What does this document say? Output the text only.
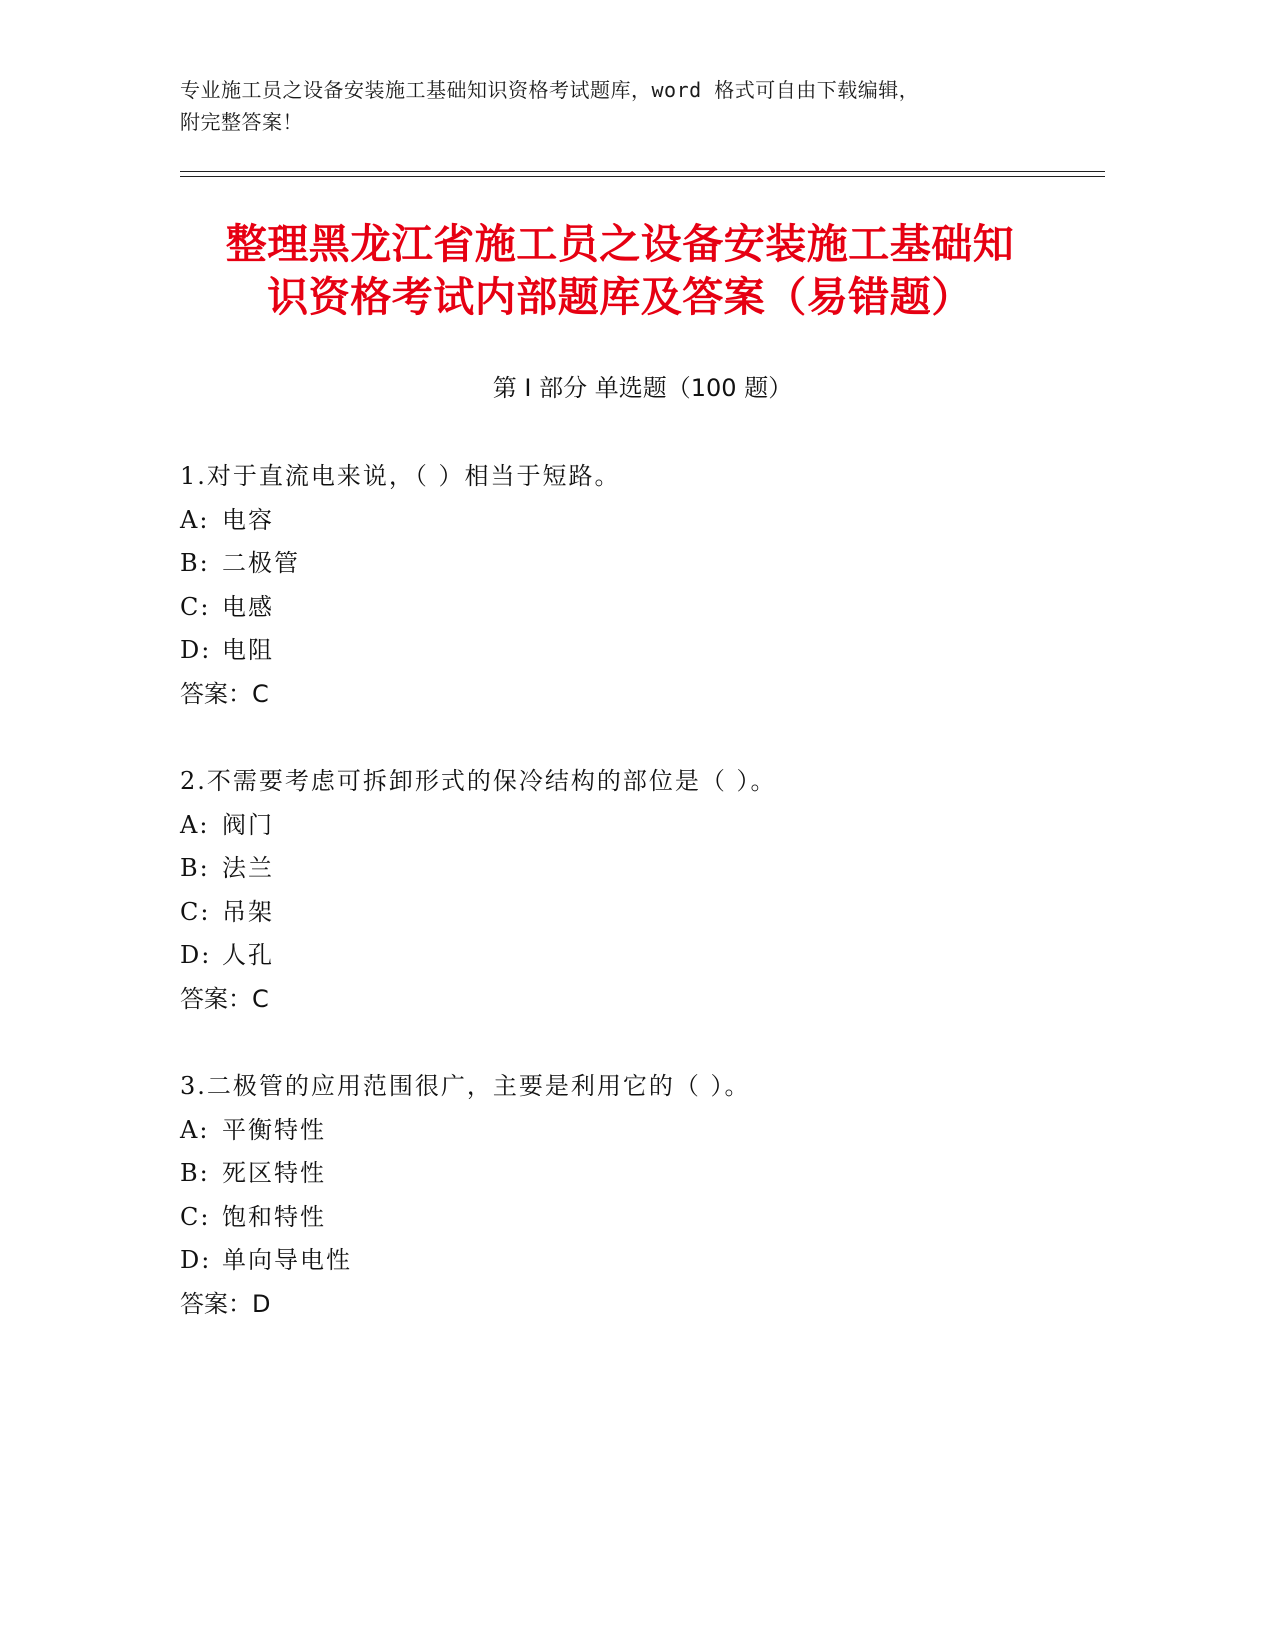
专业施工员之设备安装施工基础知识资格考试题库，word 格式可自由下载编辑，
附完整答案！
整理黑龙江省施工员之设备安装施工基础知
识资格考试内部题库及答案（易错题）
第 I 部分 单选题（100 题）
1.对于直流电来说，（ ）相当于短路。
A: 电容
B: 二极管
C: 电感
D: 电阻
答案：C
2.不需要考虑可拆卸形式的保冷结构的部位是（ ）。
A: 阀门
B: 法兰
C: 吊架
D: 人孔
答案：C
3.二极管的应用范围很广，主要是利用它的（ ）。
A: 平衡特性
B: 死区特性
C: 饱和特性
D: 单向导电性
答案：D
